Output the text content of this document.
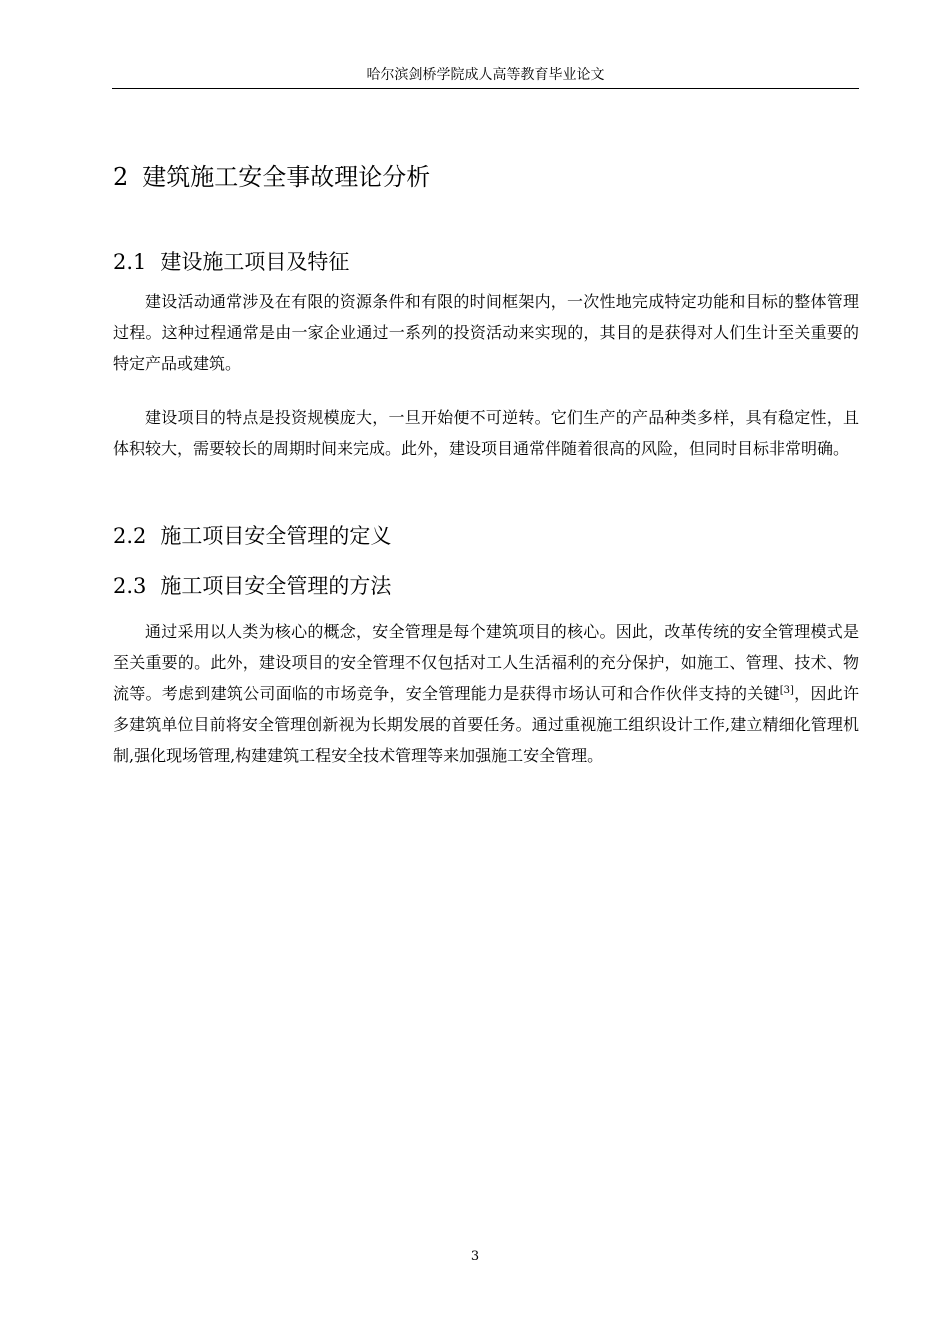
哈尔滨剑桥学院成人高等教育毕业论文
2 建筑施工安全事故理论分析
2.1 建设施工项目及特征

建设活动通常涉及在有限的资源条件和有限的时间框架内，一次性地完成特定功能和目标的整体管理过程。这种过程通常是由一家企业通过一系列的投资活动来实现的，其目的是获得对人们生计至关重要的特定产品或建筑。

建设项目的特点是投资规模庞大，一旦开始便不可逆转。它们生产的产品种类多样，具有稳定性，且体积较大，需要较长的周期时间来完成。此外，建设项目通常伴随着很高的风险，但同时目标非常明确。

2.2 施工项目安全管理的定义
2.3 施工项目安全管理的方法

通过采用以人类为核心的概念，安全管理是每个建筑项目的核心。因此，改革传统的安全管理模式是至关重要的。此外，建设项目的安全管理不仅包括对工人生活福利的充分保护，如施工、管理、技术、物流等。考虑到建筑公司面临的市场竞争，安全管理能力是获得市场认可和合作伙伴支持的关键[3]，因此许多建筑单位目前将安全管理创新视为长期发展的首要任务。通过重视施工组织设计工作,建立精细化管理机制,强化现场管理,构建建筑工程安全技术管理等来加强施工安全管理。

3
